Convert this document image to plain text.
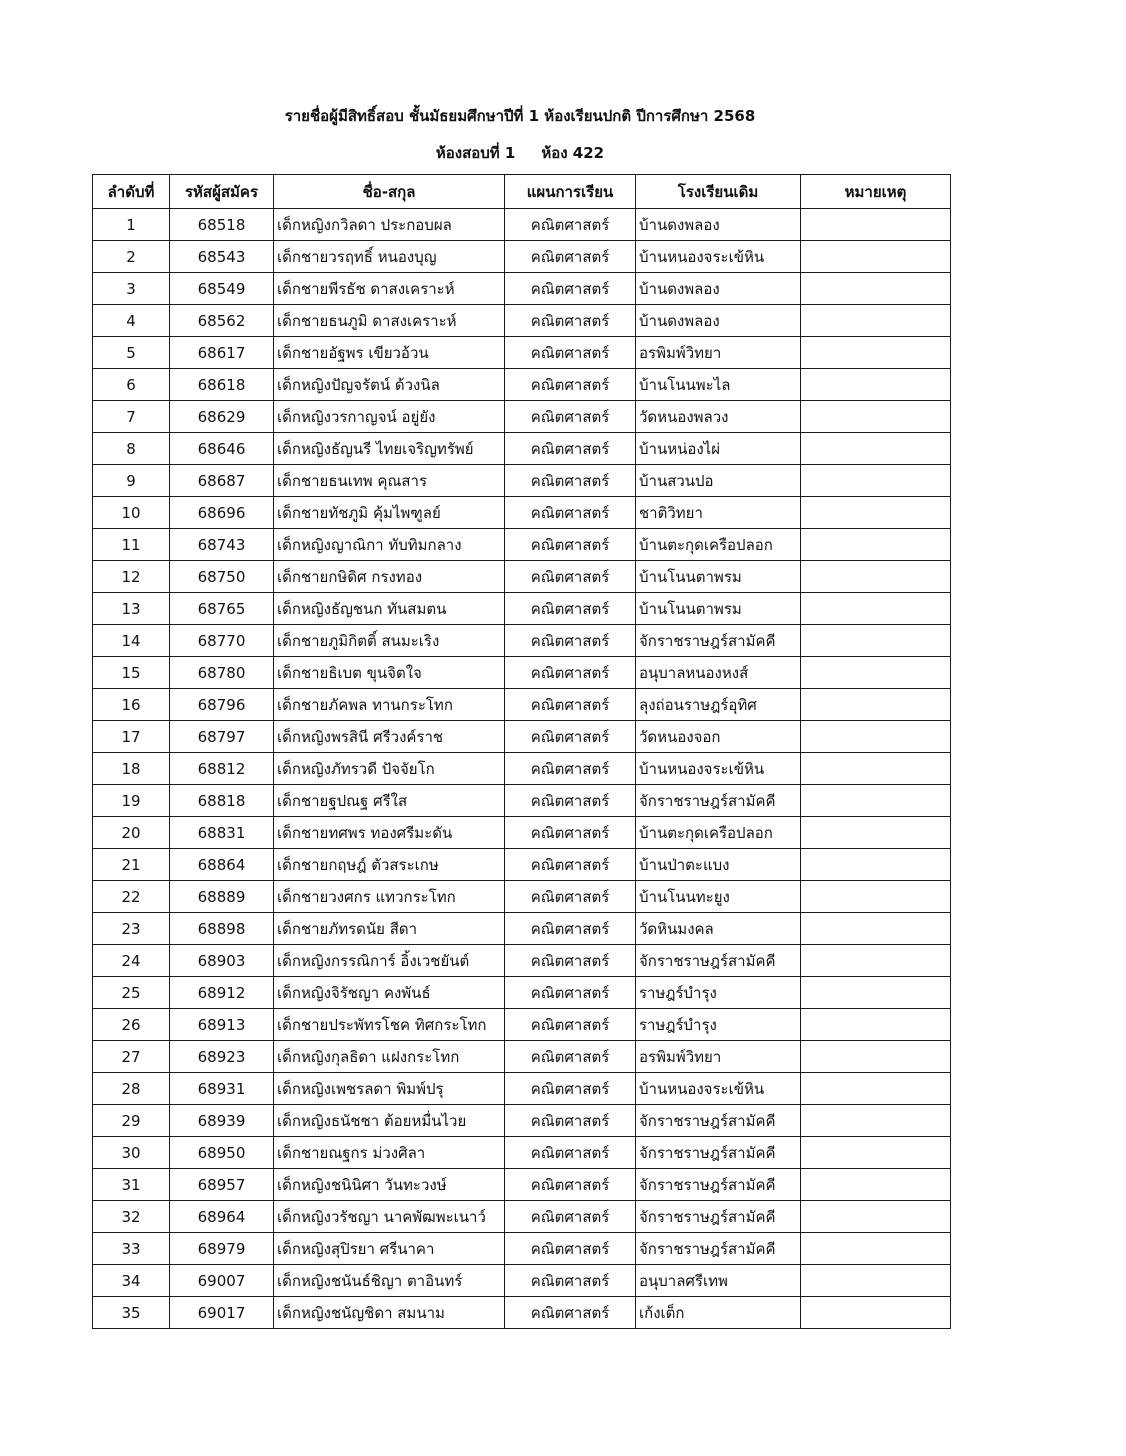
รายชื่อผู้มีสิทธิ์สอบ ชั้นมัธยมศึกษาปีที่ 1 ห้องเรียนปกติ ปีการศึกษา 2568
ห้องสอบที่ 1 ห้อง 422
ลำดับที่	รหัสผู้สมัคร	ชื่อ-สกุล	แผนการเรียน	โรงเรียนเดิม	หมายเหตุ
1	68518	เด็กหญิงกวิลดา ประกอบผล	คณิตศาสตร์	บ้านดงพลอง	
2	68543	เด็กชายวรฤทธิ์ หนองบุญ	คณิตศาสตร์	บ้านหนองจระเข้หิน	
3	68549	เด็กชายพีรธัช ดาสงเคราะห์	คณิตศาสตร์	บ้านดงพลอง	
4	68562	เด็กชายธนภูมิ ดาสงเคราะห์	คณิตศาสตร์	บ้านดงพลอง	
5	68617	เด็กชายอัฐพร เขียวอ้วน	คณิตศาสตร์	อรพิมพ์วิทยา	
6	68618	เด็กหญิงปัญจรัตน์ ด้วงนิล	คณิตศาสตร์	บ้านโนนพะไล	
7	68629	เด็กหญิงวรกาญจน์ อยู่ยัง	คณิตศาสตร์	วัดหนองพลวง	
8	68646	เด็กหญิงธัญนรี ไทยเจริญทรัพย์	คณิตศาสตร์	บ้านหน่องไผ่	
9	68687	เด็กชายธนเทพ คุณสาร	คณิตศาสตร์	บ้านสวนปอ	
10	68696	เด็กชายทัชภูมิ คุ้มไพฑูลย์	คณิตศาสตร์	ชาติวิทยา	
11	68743	เด็กหญิงญาณิกา ทับทิมกลาง	คณิตศาสตร์	บ้านตะกุดเครือปลอก	
12	68750	เด็กชายกษิดิศ กรงทอง	คณิตศาสตร์	บ้านโนนตาพรม	
13	68765	เด็กหญิงธัญชนก ทันสมตน	คณิตศาสตร์	บ้านโนนตาพรม	
14	68770	เด็กชายภูมิกิตติ์ สนมะเริง	คณิตศาสตร์	จักราชราษฎร์สามัคคี	
15	68780	เด็กชายธิเบต ขุนจิตใจ	คณิตศาสตร์	อนุบาลหนองหงส์	
16	68796	เด็กชายภัคพล ทานกระโทก	คณิตศาสตร์	ลุงถ่อนราษฎร์อุทิศ	
17	68797	เด็กหญิงพรสินี ศรีวงค์ราช	คณิตศาสตร์	วัดหนองจอก	
18	68812	เด็กหญิงภัทรวดี ปัจจัยโก	คณิตศาสตร์	บ้านหนองจระเข้หิน	
19	68818	เด็กชายฐปณฐ ศรีใส	คณิตศาสตร์	จักราชราษฎร์สามัคคี	
20	68831	เด็กชายทศพร ทองศรีมะดัน	คณิตศาสตร์	บ้านตะกุดเครือปลอก	
21	68864	เด็กชายกฤษฎ์ ตัวสระเกษ	คณิตศาสตร์	บ้านป่าตะแบง	
22	68889	เด็กชายวงศกร แทวกระโทก	คณิตศาสตร์	บ้านโนนทะยูง	
23	68898	เด็กชายภัทรดนัย สีดา	คณิตศาสตร์	วัดหินมงคล	
24	68903	เด็กหญิงกรรณิการ์ อิ้งเวชยันต์	คณิตศาสตร์	จักราชราษฎร์สามัคคี	
25	68912	เด็กหญิงจิรัชญา คงพันธ์	คณิตศาสตร์	ราษฎร์บำรุง	
26	68913	เด็กชายประพัทรโชค ทิศกระโทก	คณิตศาสตร์	ราษฎร์บำรุง	
27	68923	เด็กหญิงกุลธิดา แฝงกระโทก	คณิตศาสตร์	อรพิมพ์วิทยา	
28	68931	เด็กหญิงเพชรลดา พิมพ์ปรุ	คณิตศาสตร์	บ้านหนองจระเข้หิน	
29	68939	เด็กหญิงธนัชชา ต้อยหมื่นไวย	คณิตศาสตร์	จักราชราษฎร์สามัคคี	
30	68950	เด็กชายณฐกร ม่วงศิลา	คณิตศาสตร์	จักราชราษฎร์สามัคคี	
31	68957	เด็กหญิงชนินิศา วันทะวงษ์	คณิตศาสตร์	จักราชราษฎร์สามัคคี	
32	68964	เด็กหญิงวรัชญา นาคพัฒพะเนาว์	คณิตศาสตร์	จักราชราษฎร์สามัคคี	
33	68979	เด็กหญิงสุปิรยา ศรีนาคา	คณิตศาสตร์	จักราชราษฎร์สามัคคี	
34	69007	เด็กหญิงชนันธ์ชิญา ตาอินทร์	คณิตศาสตร์	อนุบาลศรีเทพ	
35	69017	เด็กหญิงชนัญชิดา สมนาม	คณิตศาสตร์	เก้งเต็ก	
